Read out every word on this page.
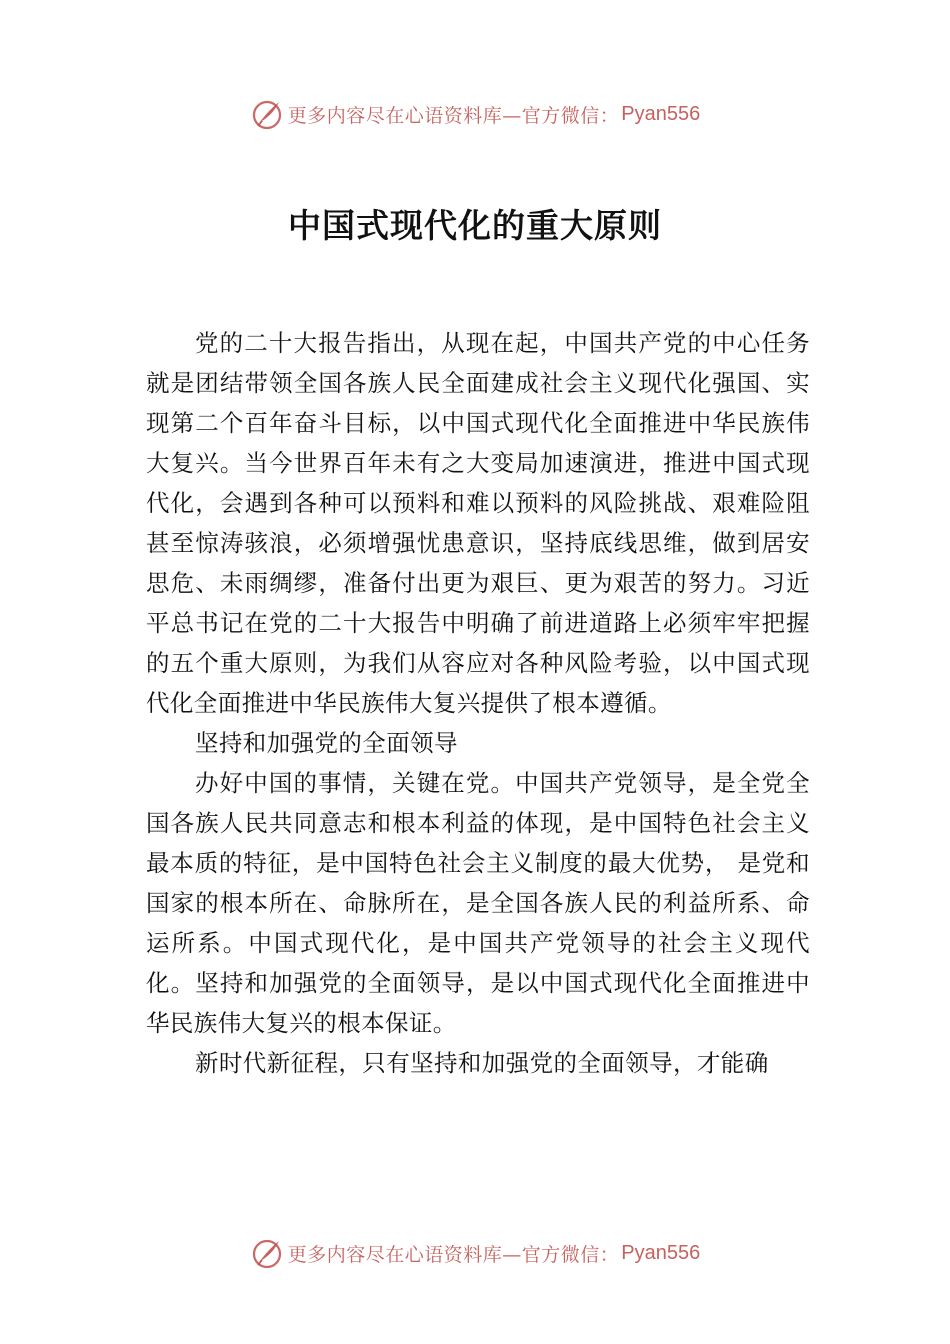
更多内容尽在心语资料库—官方微信： Pyan556
中国式现代化的重大原则

党的二十大报告指出，从现在起，中国共产党的中心任务就是团结带领全国各族人民全面建成社会主义现代化强国、实现第二个百年奋斗目标，以中国式现代化全面推进中华民族伟大复兴。当今世界百年未有之大变局加速演进，推进中国式现代化，会遇到各种可以预料和难以预料的风险挑战、艰难险阻甚至惊涛骇浪，必须增强忧患意识，坚持底线思维，做到居安思危、未雨绸缪，准备付出更为艰巨、更为艰苦的努力。习近平总书记在党的二十大报告中明确了前进道路上必须牢牢把握的五个重大原则，为我们从容应对各种风险考验，以中国式现代化全面推进中华民族伟大复兴提供了根本遵循。

坚持和加强党的全面领导

办好中国的事情，关键在党。中国共产党领导，是全党全国各族人民共同意志和根本利益的体现，是中国特色社会主义最本质的特征，是中国特色社会主义制度的最大优势， 是党和国家的根本所在、命脉所在，是全国各族人民的利益所系、命运所系。中国式现代化，是中国共产党领导的社会主义现代化。坚持和加强党的全面领导，是以中国式现代化全面推进中华民族伟大复兴的根本保证。

新时代新征程，只有坚持和加强党的全面领导，才能确

更多内容尽在心语资料库—官方微信： Pyan556
